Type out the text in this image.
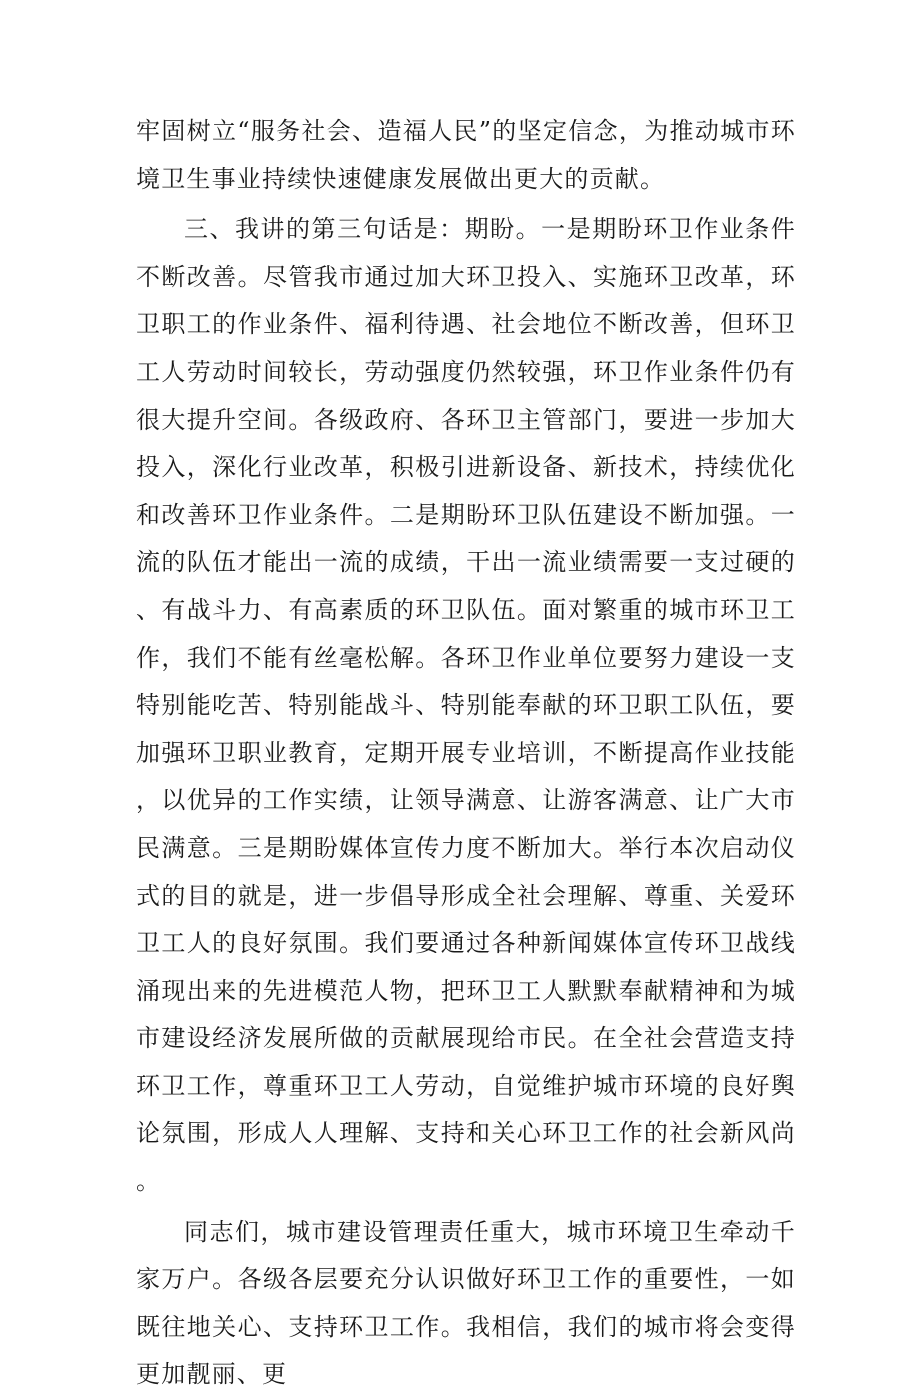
牢固树立“服务社会、造福人民”的坚定信念，为推动城市环境卫生事业持续快速健康发展做出更大的贡献。

三、我讲的第三句话是：期盼。一是期盼环卫作业条件不断改善。尽管我市通过加大环卫投入、实施环卫改革，环卫职工的作业条件、福利待遇、社会地位不断改善，但环卫工人劳动时间较长，劳动强度仍然较强，环卫作业条件仍有很大提升空间。各级政府、各环卫主管部门，要进一步加大投入，深化行业改革，积极引进新设备、新技术，持续优化和改善环卫作业条件。二是期盼环卫队伍建设不断加强。一流的队伍才能出一流的成绩，干出一流业绩需要一支过硬的、有战斗力、有高素质的环卫队伍。面对繁重的城市环卫工作，我们不能有丝毫松解。各环卫作业单位要努力建设一支特别能吃苦、特别能战斗、特别能奉献的环卫职工队伍，要加强环卫职业教育，定期开展专业培训，不断提高作业技能，以优异的工作实绩，让领导满意、让游客满意、让广大市民满意。三是期盼媒体宣传力度不断加大。举行本次启动仪式的目的就是，进一步倡导形成全社会理解、尊重、关爱环卫工人的良好氛围。我们要通过各种新闻媒体宣传环卫战线涌现出来的先进模范人物，把环卫工人默默奉献精神和为城市建设经济发展所做的贡献展现给市民。在全社会营造支持环卫工作，尊重环卫工人劳动，自觉维护城市环境的良好舆论氛围，形成人人理解、支持和关心环卫工作的社会新风尚。

同志们，城市建设管理责任重大，城市环境卫生牵动千家万户。各级各层要充分认识做好环卫工作的重要性，一如既往地关心、支持环卫工作。我相信，我们的城市将会变得更加靓丽、更
